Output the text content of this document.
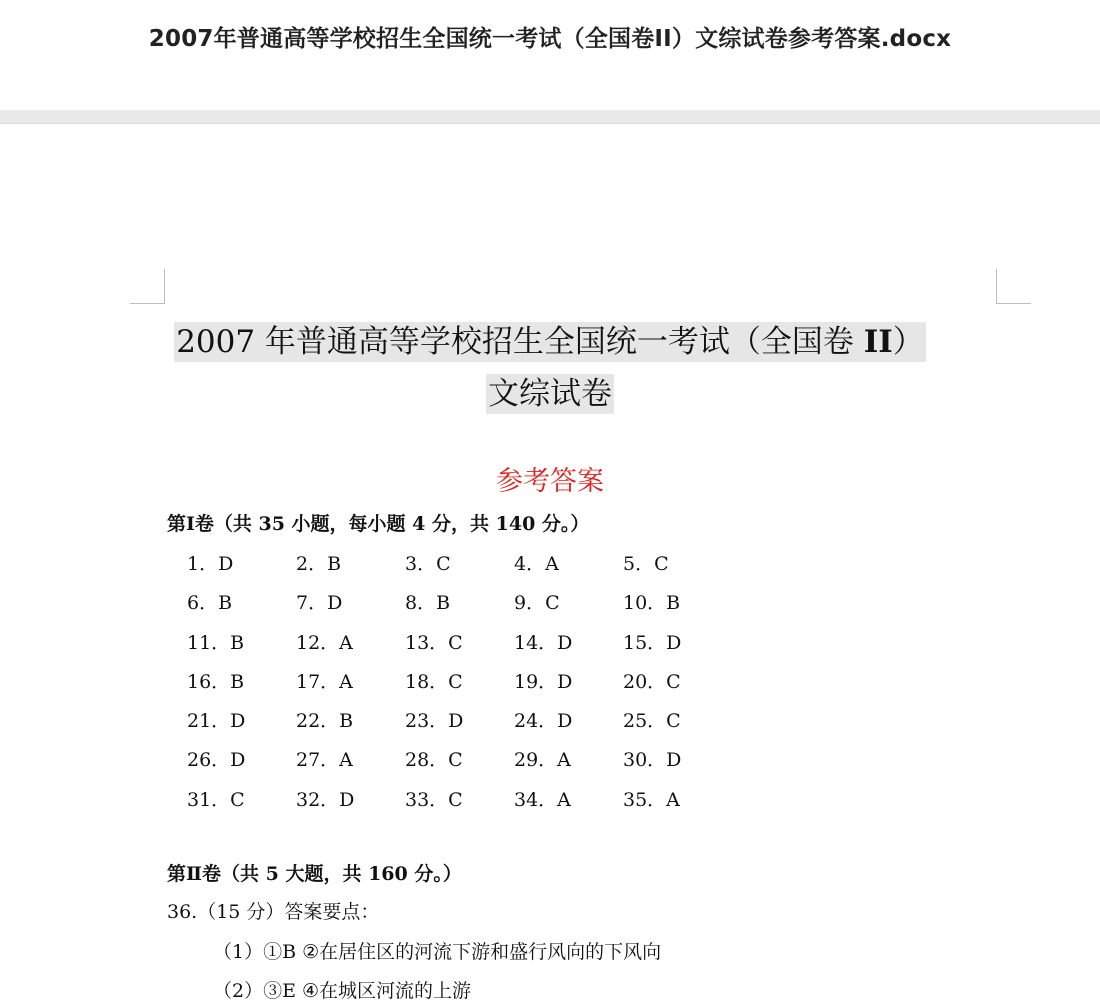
2007年普通高等学校招生全国统一考试（全国卷II）文综试卷参考答案.docx
2007 年普通高等学校招生全国统一考试（全国卷 II）
文综试卷
参考答案
第Ⅰ卷（共 35 小题，每小题 4 分，共 140 分。）
1．D	2．B	3．C	4．A	5．C
6．B	7．D	8．B	9．C	10．B
11．B	12．A	13．C	14．D	15．D
16．B	17．A	18．C	19．D	20．C
21．D	22．B	23．D	24．D	25．C
26．D	27．A	28．C	29．A	30．D
31．C	32．D	33．C	34．A	35．A
第Ⅱ卷（共 5 大题，共 160 分。）
36.（15 分）答案要点：
（1）①B ②在居住区的河流下游和盛行风向的下风向
（2）③E ④在城区河流的上游
